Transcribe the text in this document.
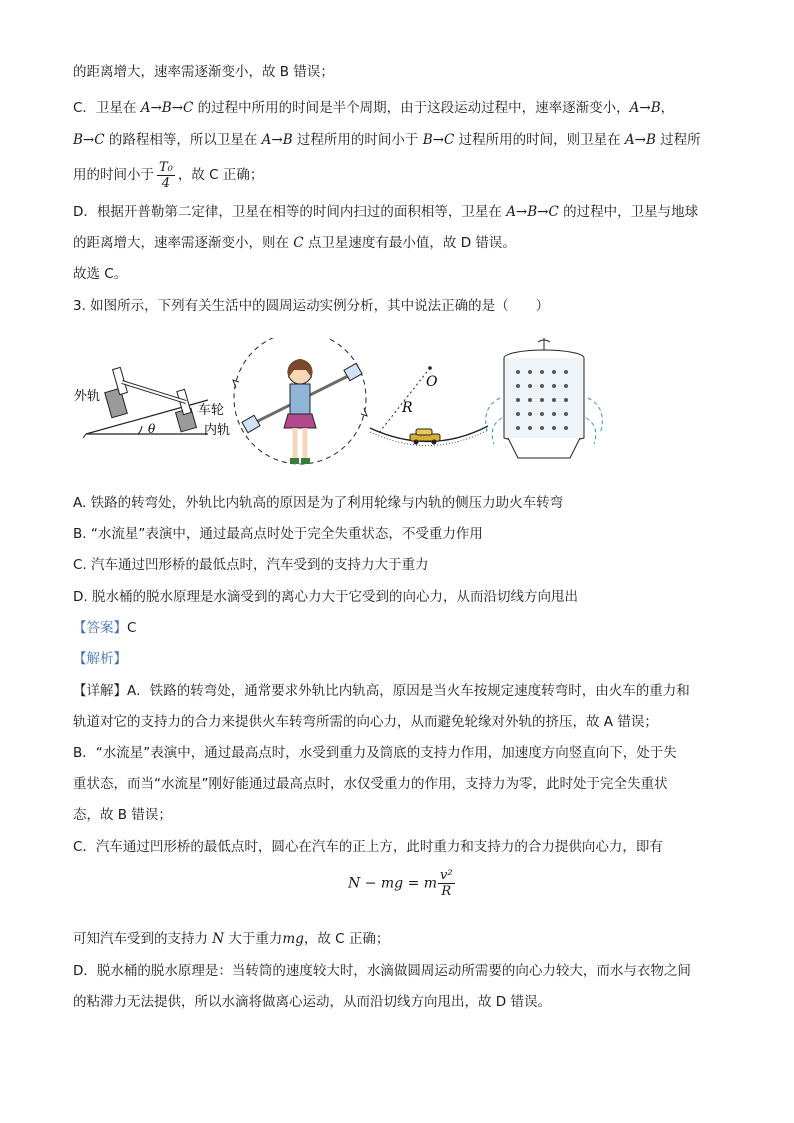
的距离增大，速率需逐渐变小，故 B 错误；
C．卫星在 A→B→C 的过程中所用的时间是半个周期，由于这段运动过程中，速率逐渐变小，A→B，
B→C 的路程相等，所以卫星在 A→B 过程所用的时间小于 B→C 过程所用的时间，则卫星在 A→B 过程所
用的时间小于 $\frac{\text{T₀}}{4}$ ，故 C 正确；
D．根据开普勒第二定律，卫星在相等的时间内扫过的面积相等，卫星在 A→B→C 的过程中，卫星与地球
的距离增大，速率需逐渐变小，则在 C 点卫星速度有最小值，故 D 错误。
故选 C。
3. 如图所示，下列有关生活中的圆周运动实例分析，其中说法正确的是（　　）
外轨
车轮
内轨
θ
O
R
A. 铁路的转弯处，外轨比内轨高的原因是为了利用轮缘与内轨的侧压力助火车转弯
B. “水流星”表演中，通过最高点时处于完全失重状态，不受重力作用
C. 汽车通过凹形桥的最低点时，汽车受到的支持力大于重力
D. 脱水桶的脱水原理是水滴受到的离心力大于它受到的向心力，从而沿切线方向甩出
【答案】C
【解析】
【详解】A．铁路的转弯处，通常要求外轨比内轨高，原因是当火车按规定速度转弯时，由火车的重力和
轨道对它的支持力的合力来提供火车转弯所需的向心力，从而避免轮缘对外轨的挤压，故 A 错误；
B．“水流星”表演中，通过最高点时，水受到重力及筒底的支持力作用，加速度方向竖直向下，处于失
重状态，而当“水流星”刚好能通过最高点时，水仅受重力的作用，支持力为零，此时处于完全失重状
态，故 B 错误；
C．汽车通过凹形桥的最低点时，圆心在汽车的正上方，此时重力和支持力的合力提供向心力，即有
N − mg = m $\frac{\text{v²}}{R}$
可知汽车受到的支持力 N 大于重力mg，故 C 正确；
D．脱水桶的脱水原理是：当转筒的速度较大时，水滴做圆周运动所需要的向心力较大，而水与衣物之间
的粘滞力无法提供，所以水滴将做离心运动，从而沿切线方向甩出，故 D 错误。
